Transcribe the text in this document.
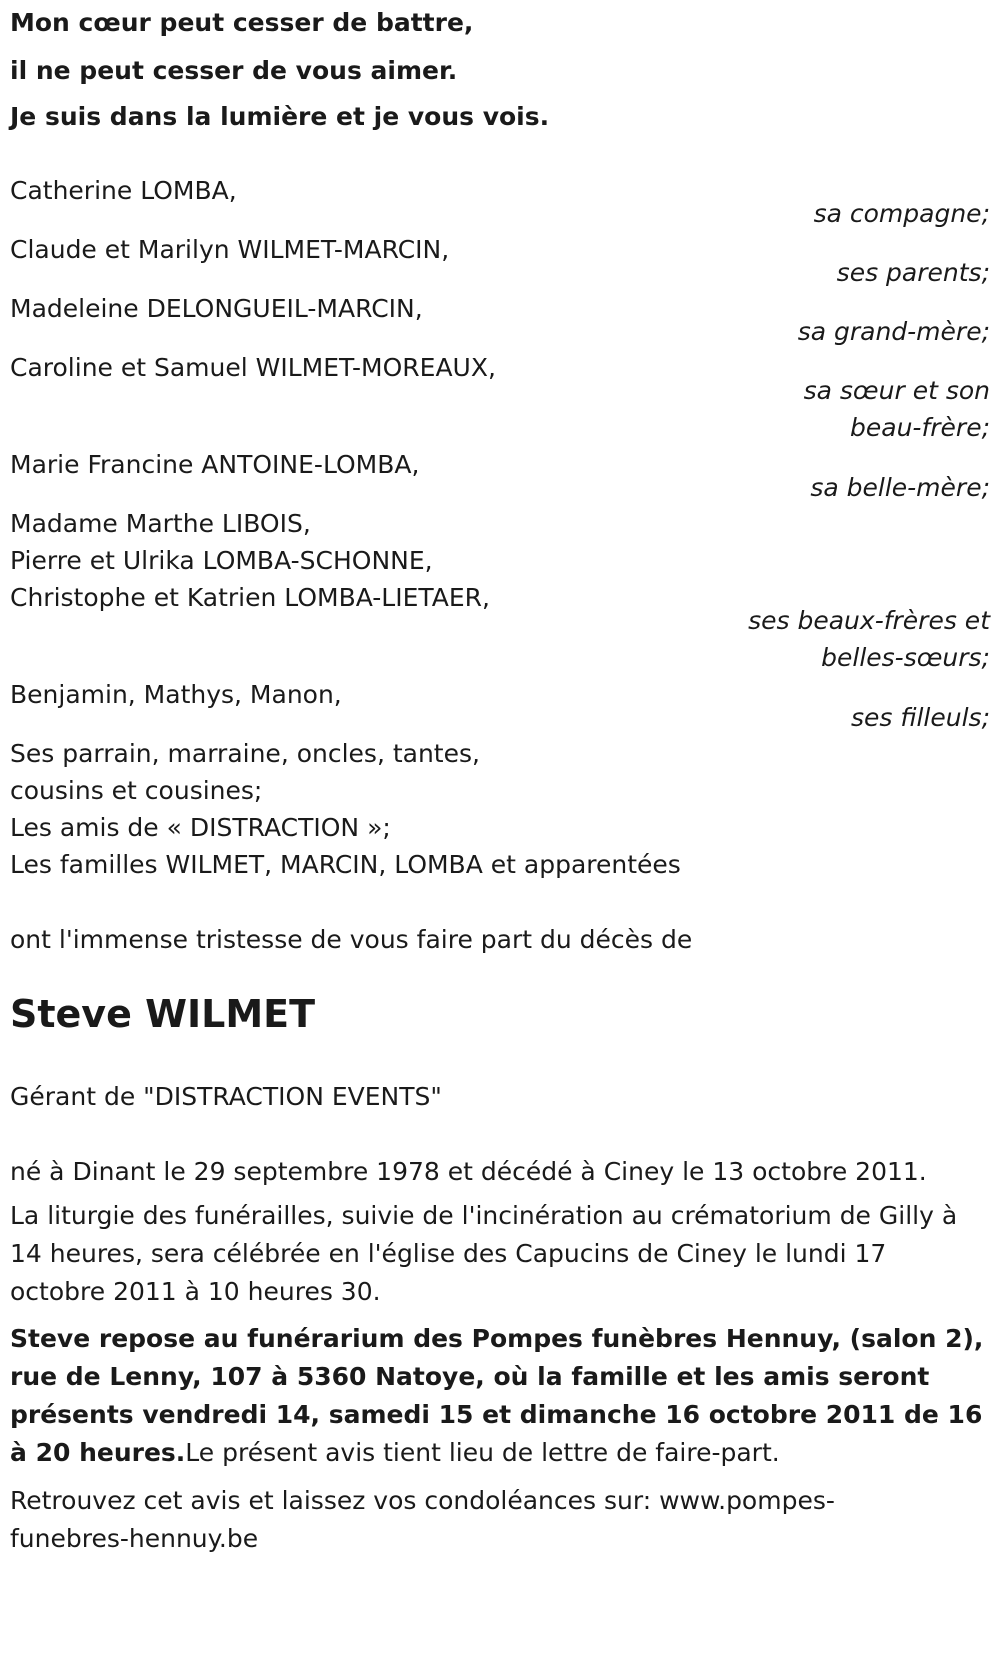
Mon cœur peut cesser de battre,
il ne peut cesser de vous aimer.
Je suis dans la lumière et je vous vois.
Catherine LOMBA,
sa compagne;
Claude et Marilyn WILMET-MARCIN,
ses parents;
Madeleine DELONGUEIL-MARCIN,
sa grand-mère;
Caroline et Samuel WILMET-MOREAUX,
sa sœur et son
beau-frère;
Marie Francine ANTOINE-LOMBA,
sa belle-mère;
Madame Marthe LIBOIS,
Pierre et Ulrika LOMBA-SCHONNE,
Christophe et Katrien LOMBA-LIETAER,
ses beaux-frères et
belles-sœurs;
Benjamin, Mathys, Manon,
ses filleuls;
Ses parrain, marraine, oncles, tantes,
cousins et cousines;
Les amis de « DISTRACTION »;
Les familles WILMET, MARCIN, LOMBA et apparentées
ont l'immense tristesse de vous faire part du décès de
Steve WILMET
Gérant de "DISTRACTION EVENTS"
né à Dinant le 29 septembre 1978 et décédé à Ciney le 13 octobre 2011.
La liturgie des funérailles, suivie de l'incinération au crématorium de Gilly à 14 heures, sera célébrée en l'église des Capucins de Ciney le lundi 17 octobre 2011 à 10 heures 30.
Steve repose au funérarium des Pompes funèbres Hennuy, (salon 2), rue de Lenny, 107 à 5360 Natoye, où la famille et les amis seront présents vendredi 14, samedi 15 et dimanche 16 octobre 2011 de 16 à 20 heures.Le présent avis tient lieu de lettre de faire-part.
Retrouvez cet avis et laissez vos condoléances sur: www.pompes-funebres-hennuy.be
